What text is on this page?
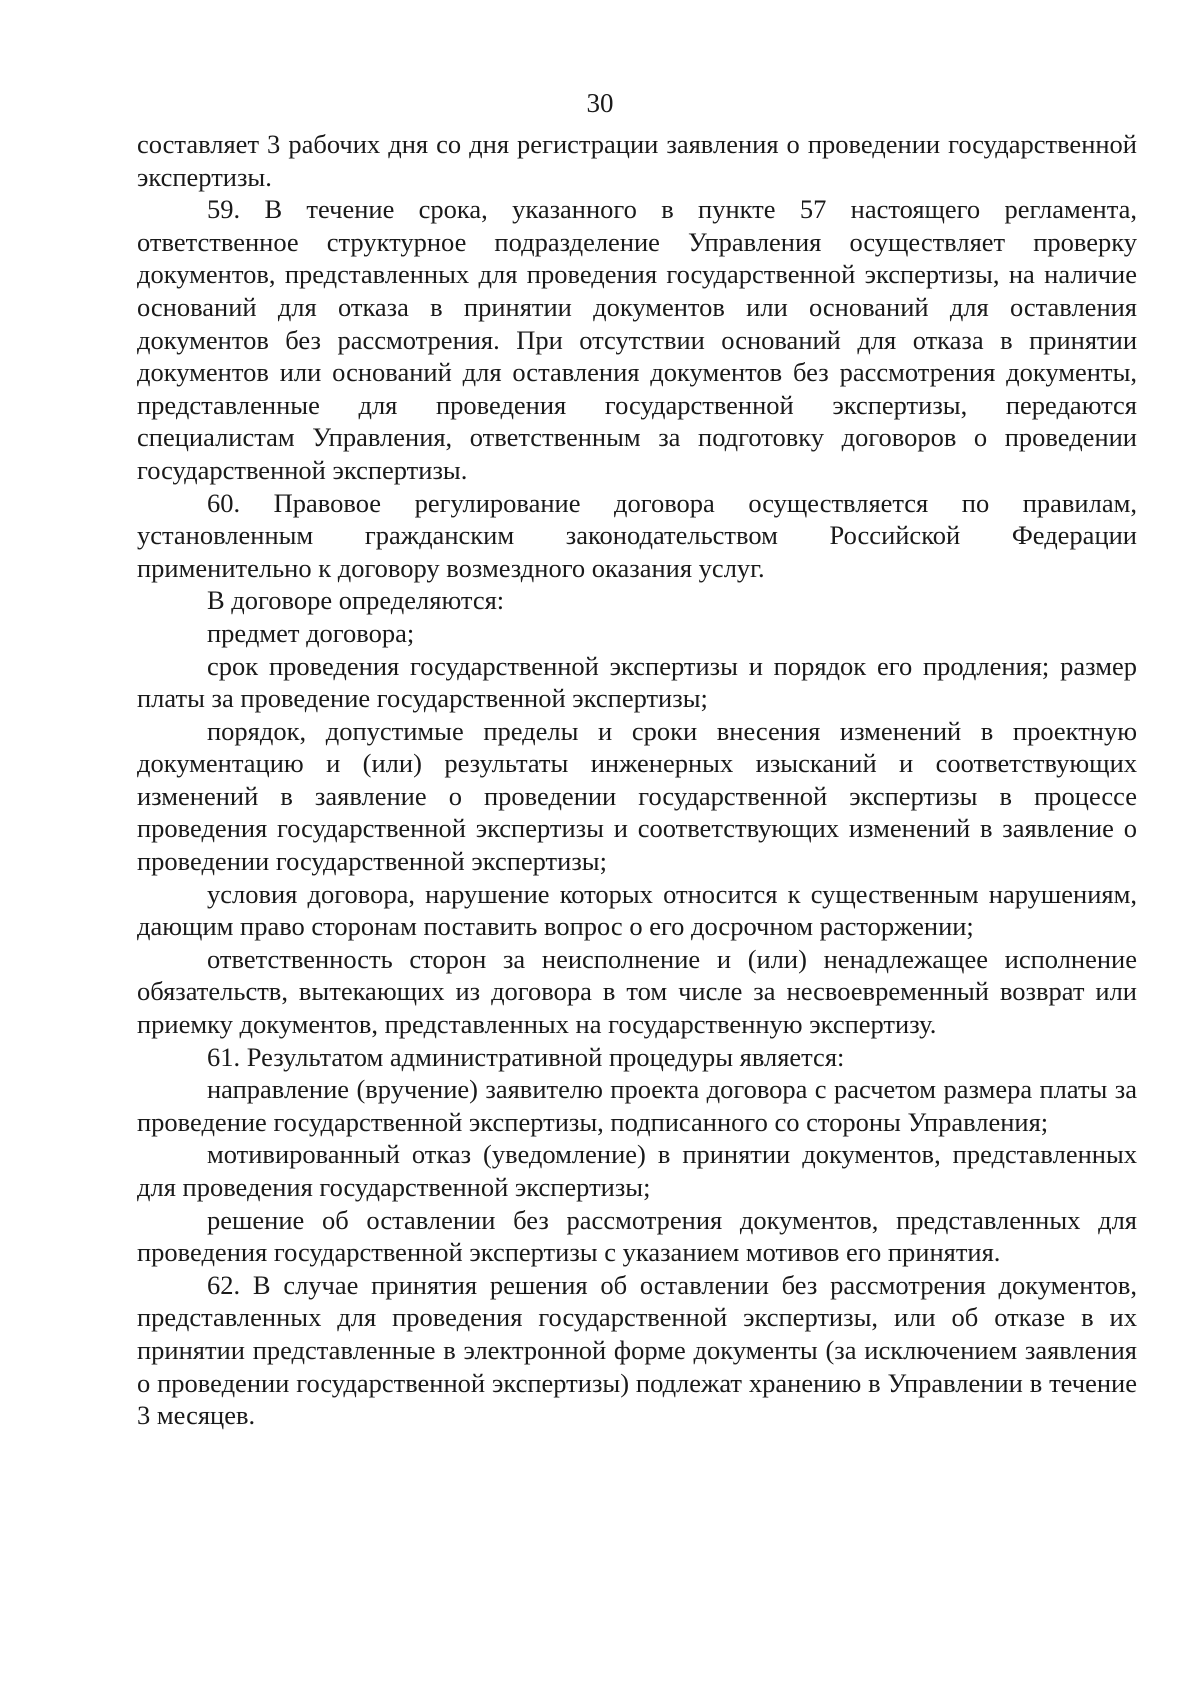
30

составляет 3 рабочих дня со дня регистрации заявления о проведении государственной экспертизы.

59. В течение срока, указанного в пункте 57 настоящего регламента, ответственное структурное подразделение Управления осуществляет проверку документов, представленных для проведения государственной экспертизы, на наличие оснований для отказа в принятии документов или оснований для оставления документов без рассмотрения. При отсутствии оснований для отказа в принятии документов или оснований для оставления документов без рассмотрения документы, представленные для проведения государственной экспертизы, передаются специалистам Управления, ответственным за подготовку договоров о проведении государственной экспертизы.

60. Правовое регулирование договора осуществляется по правилам, установленным гражданским законодательством Российской Федерации применительно к договору возмездного оказания услуг.

В договоре определяются:

предмет договора;

срок проведения государственной экспертизы и порядок его продления; размер платы за проведение государственной экспертизы;

порядок, допустимые пределы и сроки внесения изменений в проектную документацию и (или) результаты инженерных изысканий и соответствующих изменений в заявление о проведении государственной экспертизы в процессе проведения государственной экспертизы и соответствующих изменений в заявление о проведении государственной экспертизы;

условия договора, нарушение которых относится к существенным нарушениям, дающим право сторонам поставить вопрос о его досрочном расторжении;

ответственность сторон за неисполнение и (или) ненадлежащее исполнение обязательств, вытекающих из договора в том числе за несвоевременный возврат или приемку документов, представленных на государственную экспертизу.

61. Результатом административной процедуры является:

направление (вручение) заявителю проекта договора с расчетом размера платы за проведение государственной экспертизы, подписанного со стороны Управления;

мотивированный отказ (уведомление) в принятии документов, представленных для проведения государственной экспертизы;

решение об оставлении без рассмотрения документов, представленных для проведения государственной экспертизы с указанием мотивов его принятия.

62. В случае принятия решения об оставлении без рассмотрения документов, представленных для проведения государственной экспертизы, или об отказе в их принятии представленные в электронной форме документы (за исключением заявления о проведении государственной экспертизы) подлежат хранению в Управлении в течение 3 месяцев.
